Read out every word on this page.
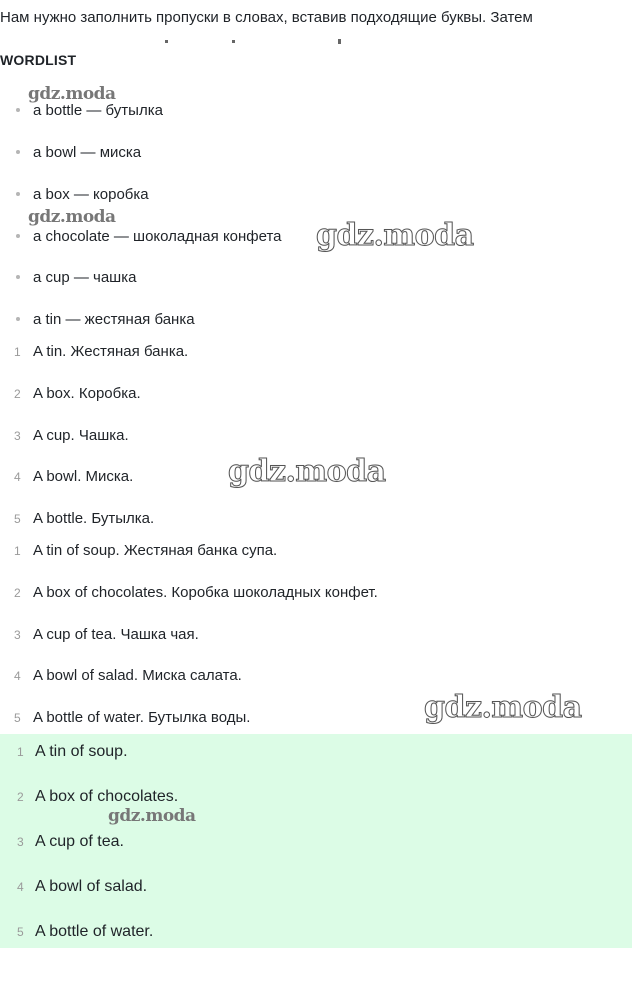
Нам нужно заполнить пропуски в словах, вставив подходящие буквы. Затем
WORDLIST
a bottle — бутылка
a bowl — миска
a box — коробка
a chocolate — шоколадная конфета
a cup — чашка
a tin — жестяная банка
1 A tin. Жестяная банка.
2 A box. Коробка.
3 A cup. Чашка.
4 A bowl. Миска.
5 A bottle. Бутылка.
1 A tin of soup. Жестяная банка супа.
2 A box of chocolates. Коробка шоколадных конфет.
3 A cup of tea. Чашка чая.
4 A bowl of salad. Миска салата.
5 A bottle of water. Бутылка воды.
1 A tin of soup.
2 A box of chocolates.
3 A cup of tea.
4 A bowl of salad.
5 A bottle of water.
gdz.moda
gdz.moda
gdz.moda
gdz.moda
gdz.moda
gdz.moda
